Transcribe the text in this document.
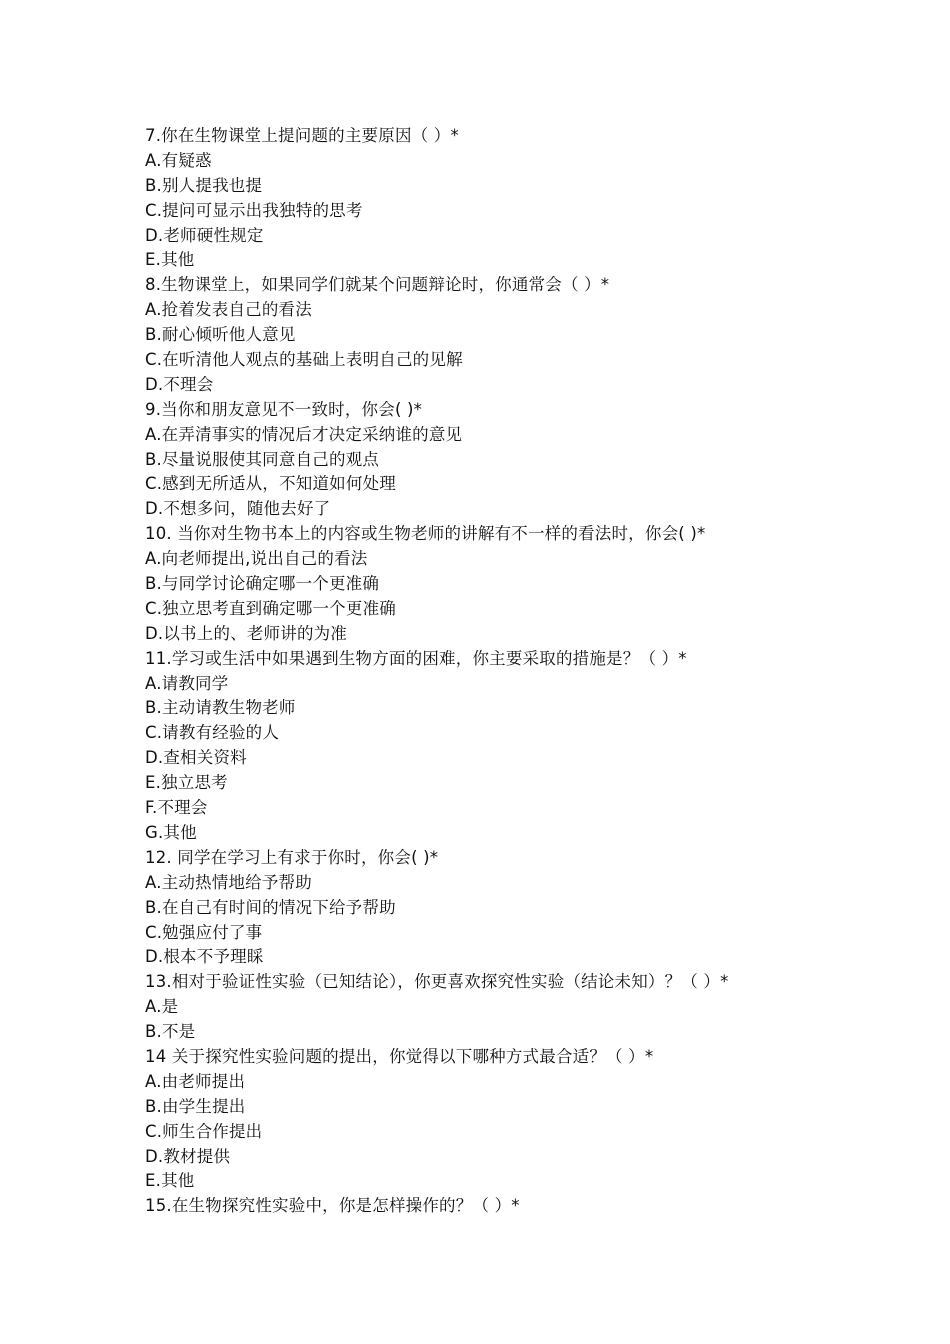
7.你在生物课堂上提问题的主要原因（ ）*
A.有疑惑
B.别人提我也提
C.提问可显示出我独特的思考
D.老师硬性规定
E.其他
8.生物课堂上，如果同学们就某个问题辩论时，你通常会（ ）*
A.抢着发表自己的看法
B.耐心倾听他人意见
C.在听清他人观点的基础上表明自己的见解
D.不理会
9.当你和朋友意见不一致时，你会( )*
A.在弄清事实的情况后才决定采纳谁的意见
B.尽量说服使其同意自己的观点
C.感到无所适从，不知道如何处理
D.不想多问，随他去好了
10. 当你对生物书本上的内容或生物老师的讲解有不一样的看法时，你会( )*
A.向老师提出,说出自己的看法
B.与同学讨论确定哪一个更准确
C.独立思考直到确定哪一个更准确
D.以书上的、老师讲的为准
11.学习或生活中如果遇到生物方面的困难，你主要采取的措施是？（ ）*
A.请教同学
B.主动请教生物老师
C.请教有经验的人
D.查相关资料
E.独立思考
F.不理会
G.其他
12. 同学在学习上有求于你时，你会( )*
A.主动热情地给予帮助
B.在自己有时间的情况下给予帮助
C.勉强应付了事
D.根本不予理睬
13.相对于验证性实验（已知结论），你更喜欢探究性实验（结论未知）？（ ）*
A.是
B.不是
14 关于探究性实验问题的提出，你觉得以下哪种方式最合适？（ ）*
A.由老师提出
B.由学生提出
C.师生合作提出
D.教材提供
E.其他
15.在生物探究性实验中，你是怎样操作的？（ ）*
